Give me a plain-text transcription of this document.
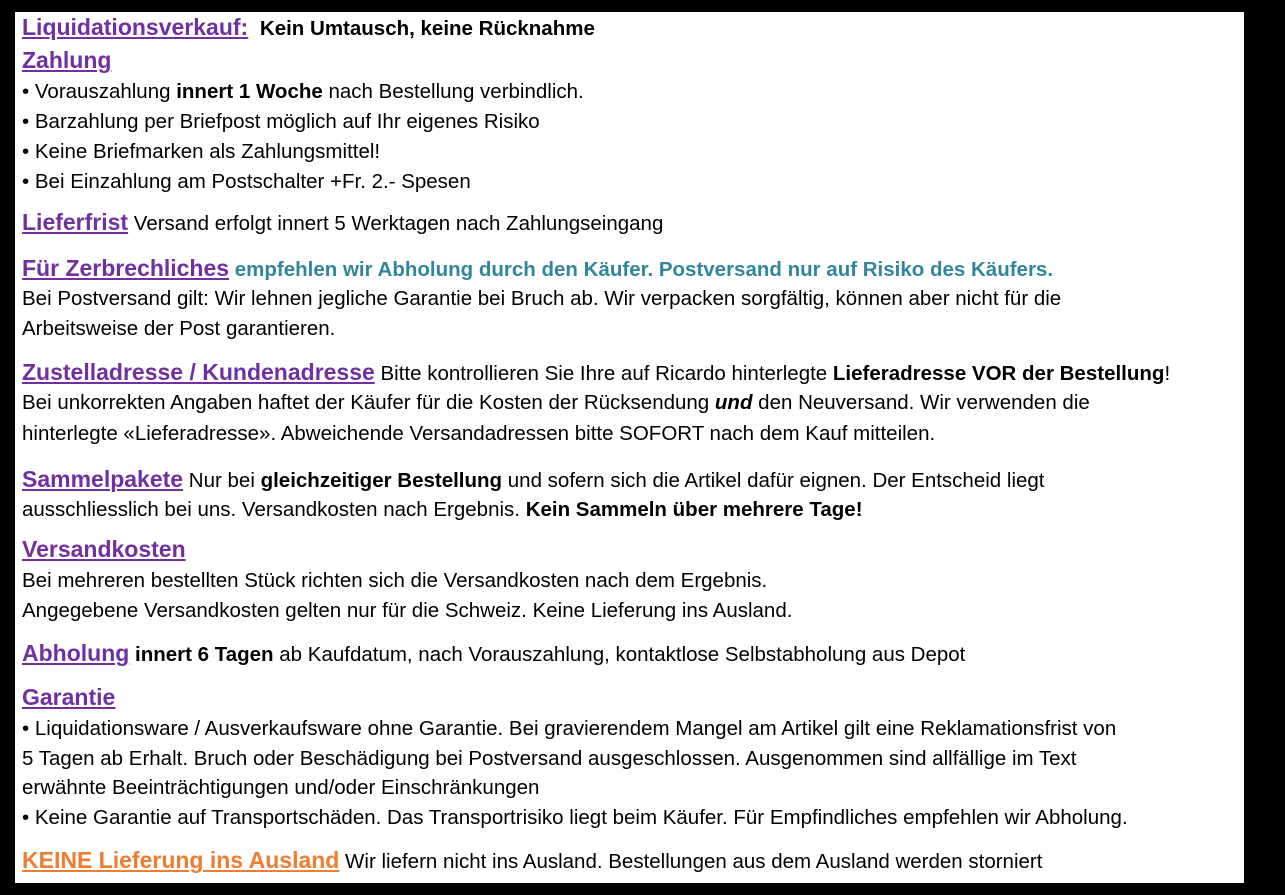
Liquidationsverkauf: Kein Umtausch, keine Rücknahme
Zahlung
• Vorauszahlung innert 1 Woche nach Bestellung verbindlich.
• Barzahlung per Briefpost möglich auf Ihr eigenes Risiko
• Keine Briefmarken als Zahlungsmittel!
• Bei Einzahlung am Postschalter +Fr. 2.- Spesen
Lieferfrist Versand erfolgt innert 5 Werktagen nach Zahlungseingang
Für Zerbrechliches empfehlen wir Abholung durch den Käufer. Postversand nur auf Risiko des Käufers.
Bei Postversand gilt: Wir lehnen jegliche Garantie bei Bruch ab. Wir verpacken sorgfältig, können aber nicht für die
Arbeitsweise der Post garantieren.
Zustelladresse / Kundenadresse Bitte kontrollieren Sie Ihre auf Ricardo hinterlegte Lieferadresse VOR der Bestellung!
Bei unkorrekten Angaben haftet der Käufer für die Kosten der Rücksendung und den Neuversand. Wir verwenden die
hinterlegte «Lieferadresse». Abweichende Versandadressen bitte SOFORT nach dem Kauf mitteilen.
Sammelpakete Nur bei gleichzeitiger Bestellung und sofern sich die Artikel dafür eignen. Der Entscheid liegt
ausschliesslich bei uns. Versandkosten nach Ergebnis. Kein Sammeln über mehrere Tage!
Versandkosten
Bei mehreren bestellten Stück richten sich die Versandkosten nach dem Ergebnis.
Angegebene Versandkosten gelten nur für die Schweiz. Keine Lieferung ins Ausland.
Abholung innert 6 Tagen ab Kaufdatum, nach Vorauszahlung, kontaktlose Selbstabholung aus Depot
Garantie
• Liquidationsware / Ausverkaufsware ohne Garantie. Bei gravierendem Mangel am Artikel gilt eine Reklamationsfrist von
5 Tagen ab Erhalt. Bruch oder Beschädigung bei Postversand ausgeschlossen. Ausgenommen sind allfällige im Text
erwähnte Beeinträchtigungen und/oder Einschränkungen
• Keine Garantie auf Transportschäden. Das Transportrisiko liegt beim Käufer. Für Empfindliches empfehlen wir Abholung.
KEINE Lieferung ins Ausland Wir liefern nicht ins Ausland. Bestellungen aus dem Ausland werden storniert
